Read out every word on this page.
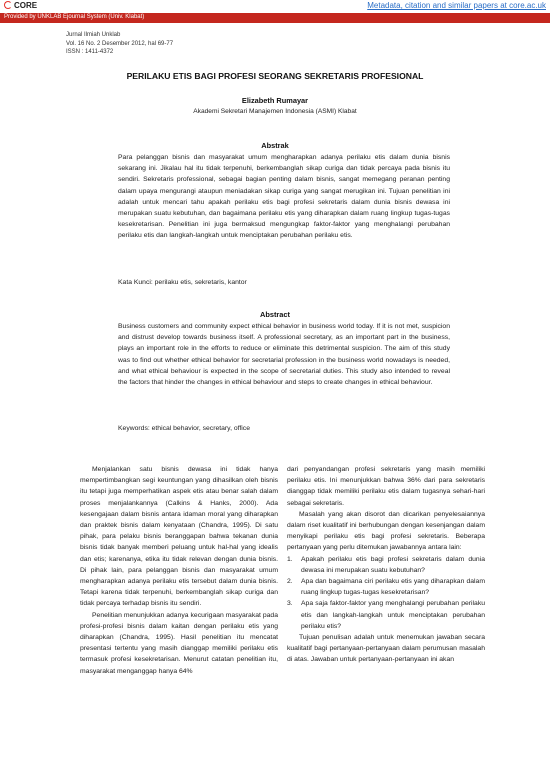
CORE	Metadata, citation and similar papers at core.ac.uk
Provided by UNKLAB Ejournal System (Univ. Klabat)
Jurnal Ilmiah Unklab
Vol. 16 No. 2 Desember 2012, hal 69-77
ISSN : 1411-4372
PERILAKU ETIS BAGI PROFESI SEORANG SEKRETARIS PROFESIONAL
Elizabeth Rumayar
Akademi Sekretari Manajemen Indonesia (ASMI) Klabat
Abstrak
Para pelanggan bisnis dan masyarakat umum mengharapkan adanya perilaku etis dalam dunia bisnis sekarang ini. Jikalau hal itu tidak terpenuhi, berkembanglah sikap curiga dan tidak percaya pada bisnis itu sendiri. Sekretaris professional, sebagai bagian penting dalam bisnis, sangat memegang peranan penting dalam upaya mengurangi ataupun meniadakan sikap curiga yang sangat merugikan ini. Tujuan penelitian ini adalah untuk mencari tahu apakah perilaku etis bagi profesi sekretaris dalam dunia bisnis dewasa ini merupakan suatu kebutuhan, dan bagaimana perilaku etis yang diharapkan dalam ruang lingkup tugas-tugas kesekretarisan. Penelitian ini juga bermaksud mengungkap faktor-faktor yang menghalangi perubahan perilaku etis dan langkah-langkah untuk menciptakan perubahan perilaku etis.
Kata Kunci: perilaku etis, sekretaris, kantor
Abstract
Business customers and community expect ethical behavior in business world today. If it is not met, suspicion and distrust develop towards business itself. A professional secretary, as an important part in the business, plays an important role in the efforts to reduce or eliminate this detrimental suspicion. The aim of this study was to find out whether ethical behavior for secretarial profession in the business world nowadays is needed, and what ethical behaviour is expected in the scope of secretarial duties. This study also intended to reveal the factors that hinder the changes in ethical behaviour and steps to create changes in ethical behaviour.
Keywords: ethical behavior, secretary, office

Menjalankan satu bisnis dewasa ini tidak hanya mempertimbangkan segi keuntungan yang dihasilkan oleh bisnis itu tetapi juga memperhatikan aspek etis atau benar salah dalam proses menjalankannya (Calkins & Hanks, 2000). Ada kesengajaan dalam bisnis antara idaman moral yang diharapkan dan praktek bisnis dalam kenyataan (Chandra, 1995). Di satu pihak, para pelaku bisnis beranggapan bahwa tekanan dunia bisnis tidak banyak memberi peluang untuk hal-hal yang idealis dan etis; karenanya, etika itu tidak relevan dengan dunia bisnis. Di pihak lain, para pelanggan bisnis dan masyarakat umum mengharapkan adanya perilaku etis tersebut dalam dunia bisnis. Tetapi karena tidak terpenuhi, berkembanglah sikap curiga dan tidak percaya terhadap bisnis itu sendiri.

Penelitian menunjukkan adanya kecurigaan masyarakat pada profesi-profesi bisnis dalam kaitan dengan perilaku etis yang diharapkan (Chandra, 1995). Hasil penelitian itu mencatat presentasi tertentu yang masih dianggap memiliki perilaku etis termasuk profesi kesekretarisan. Menurut catatan penelitian itu, masyarakat menganggap hanya 64%

dari penyandangan profesi sekretaris yang masih memiliki perilaku etis. Ini menunjukkan bahwa 36% dari para sekretaris dianggap tidak memiliki perilaku etis dalam tugasnya sehari-hari sebagai sekretaris.

Masalah yang akan disorot dan dicarikan penyelesaiannya dalam riset kualitatif ini berhubungan dengan kesenjangan dalam menyikapi perilaku etis bagi profesi sekretaris. Beberapa pertanyaan yang perlu ditemukan jawabannya antara lain:

1. Apakah perilaku etis bagi profesi sekretaris dalam dunia dewasa ini merupakan suatu kebutuhan?
2. Apa dan bagaimana ciri perilaku etis yang diharapkan dalam ruang lingkup tugas-tugas kesekretarisan?
3. Apa saja faktor-faktor yang menghalangi perubahan perilaku etis dan langkah-langkah untuk menciptakan perubahan perilaku etis?

Tujuan penulisan adalah untuk menemukan jawaban secara kualitatif bagi pertanyaan-pertanyaan dalam perumusan masalah di atas. Jawaban untuk pertanyaan-pertanyaan ini akan
